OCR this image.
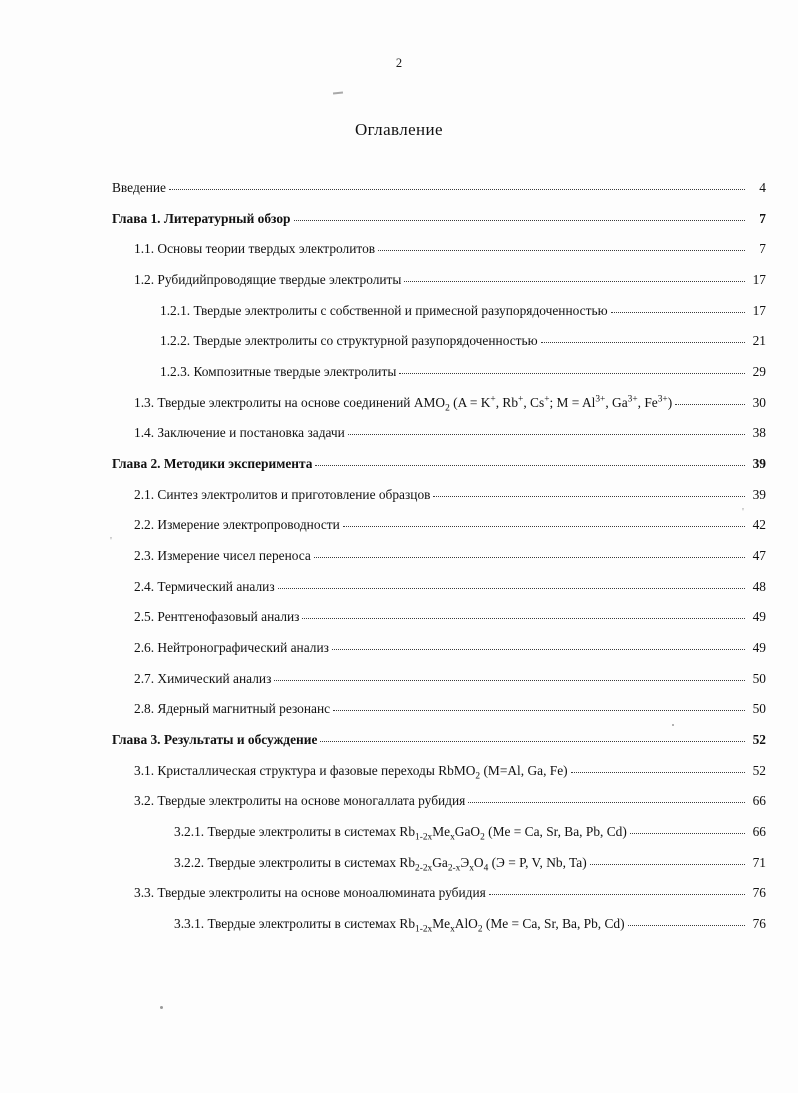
2
'
'
Оглавление
Введение	4
Глава 1. Литературный обзор	7
1.1. Основы теории твердых электролитов	7
1.2. Рубидийпроводящие твердые электролиты	17
1.2.1. Твердые электролиты с собственной и примесной разупорядоченностью	17
1.2.2. Твердые электролиты со структурной разупорядоченностью	21
1.2.3. Композитные твердые электролиты	29
1.3. Твердые электролиты на основе соединений $AMO_2$ (A = K+, Rb+, Cs+; $M = Al^{3+}$, $Ga^{3+}$, $Fe^{3+}$)	30
1.4. Заключение и постановка задачи	38
Глава 2. Методики эксперимента	39
2.1. Синтез электролитов и приготовление образцов	39
2.2. Измерение электропроводности	42
2.3. Измерение чисел переноса	47
2.4. Термический анализ	48
2.5. Рентгенофазовый анализ	49
2.6. Нейтронографический анализ	49
2.7. Химический анализ	50
2.8. Ядерный магнитный резонанс	50
Глава 3. Результаты и обсуждение	52
3.1. Кристаллическая структура и фазовые переходы RbMO$_2$ (M=Al, Ga, Fe)	52
3.2. Твердые электролиты на основе моногаллата рубидия	66
3.2.1. Твердые электролиты в системах $Rb_{1-2x}Me_xGaO_2$ (Me = Ca, Sr, Ba, Pb, Cd)	66
3.2.2. Твердые электролиты в системах $Rb_{2-2x}Ga_{2-x}Э_xO_4$ (Э = P, V, Nb, Ta)	71
3.3. Твердые электролиты на основе моноалюмината рубидия	76
3.3.1. Твердые электролиты в системах $Rb_{1-2x}Me_xAlO_2$ (Me = Ca, Sr, Ba, Pb, Cd)	76
